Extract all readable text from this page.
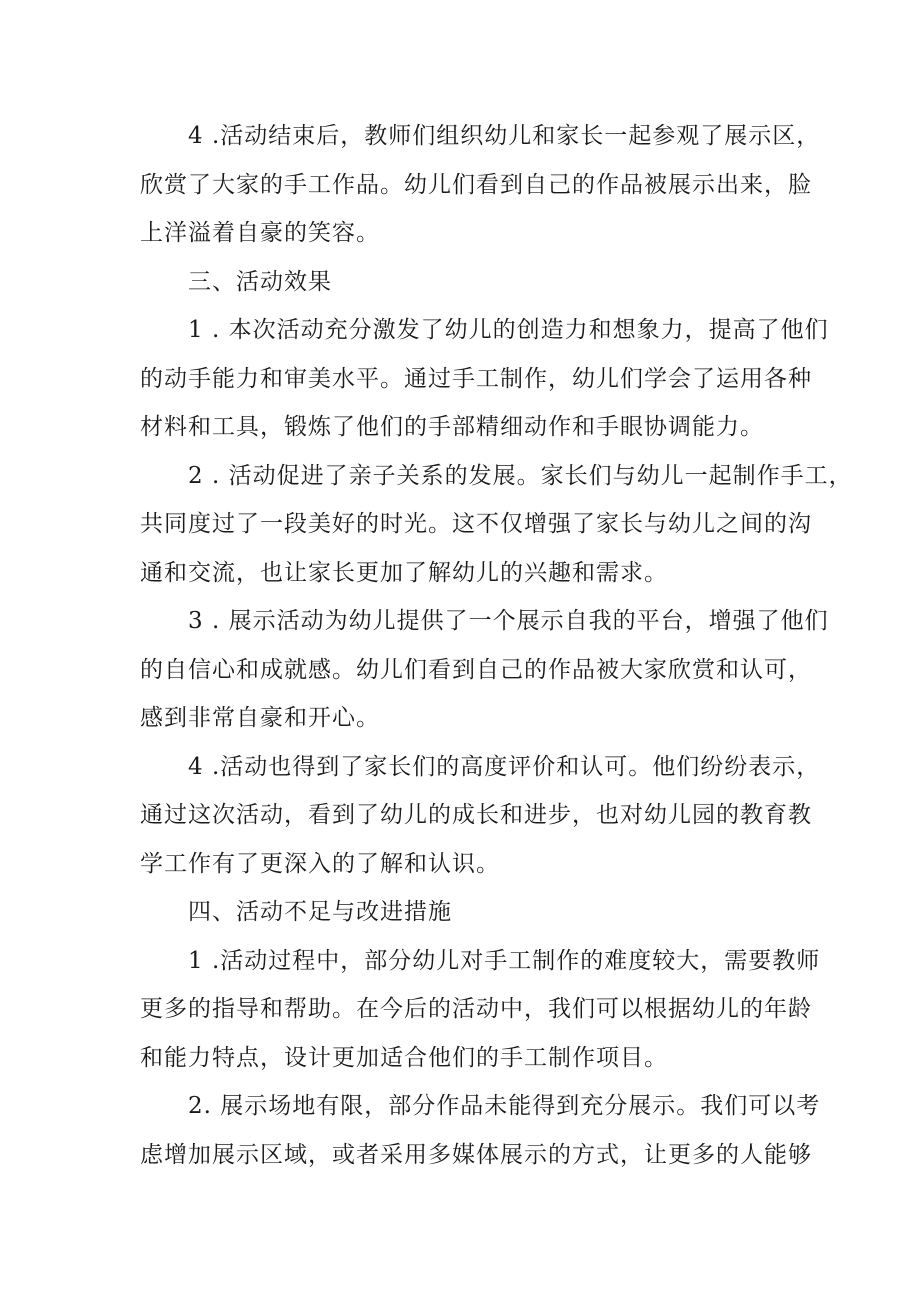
4 .活动结束后，教师们组织幼儿和家长一起参观了展示区，
欣赏了大家的手工作品。幼儿们看到自己的作品被展示出来，脸
上洋溢着自豪的笑容。
三、活动效果
1 . 本次活动充分激发了幼儿的创造力和想象力，提高了他们
的动手能力和审美水平。通过手工制作，幼儿们学会了运用各种
材料和工具，锻炼了他们的手部精细动作和手眼协调能力。
2 . 活动促进了亲子关系的发展。家长们与幼儿一起制作手工，
共同度过了一段美好的时光。这不仅增强了家长与幼儿之间的沟
通和交流，也让家长更加了解幼儿的兴趣和需求。
3 . 展示活动为幼儿提供了一个展示自我的平台，增强了他们
的自信心和成就感。幼儿们看到自己的作品被大家欣赏和认可，
感到非常自豪和开心。
4 .活动也得到了家长们的高度评价和认可。他们纷纷表示，
通过这次活动，看到了幼儿的成长和进步，也对幼儿园的教育教
学工作有了更深入的了解和认识。
四、活动不足与改进措施
1 .活动过程中，部分幼儿对手工制作的难度较大，需要教师
更多的指导和帮助。在今后的活动中，我们可以根据幼儿的年龄
和能力特点，设计更加适合他们的手工制作项目。
2. 展示场地有限，部分作品未能得到充分展示。我们可以考
虑增加展示区域，或者采用多媒体展示的方式，让更多的人能够
